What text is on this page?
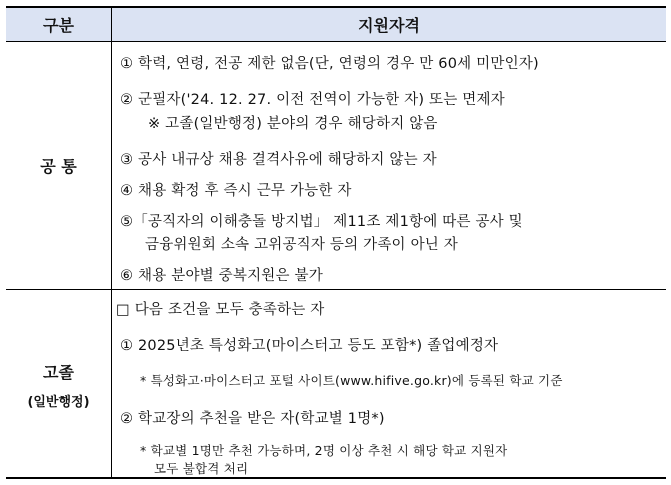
구분	지원자격
공 통
① 학력, 연령, 전공 제한 없음(단, 연령의 경우 만 60세 미만인자)
② 군필자('24. 12. 27. 이전 전역이 가능한 자) 또는 면제자
※ 고졸(일반행정) 분야의 경우 해당하지 않음
③ 공사 내규상 채용 결격사유에 해당하지 않는 자
④ 채용 확정 후 즉시 근무 가능한 자
⑤「공직자의 이해충돌 방지법」 제11조 제1항에 따른 공사 및
금융위원회 소속 고위공직자 등의 가족이 아닌 자
⑥ 채용 분야별 중복지원은 불가
고졸
(일반행정)
□ 다음 조건을 모두 충족하는 자
① 2025년초 특성화고(마이스터고 등도 포함*) 졸업예정자
* 특성화고·마이스터고 포털 사이트(www.hifive.go.kr)에 등록된 학교 기준
② 학교장의 추천을 받은 자(학교별 1명*)
* 학교별 1명만 추천 가능하며, 2명 이상 추천 시 해당 학교 지원자
모두 불합격 처리
